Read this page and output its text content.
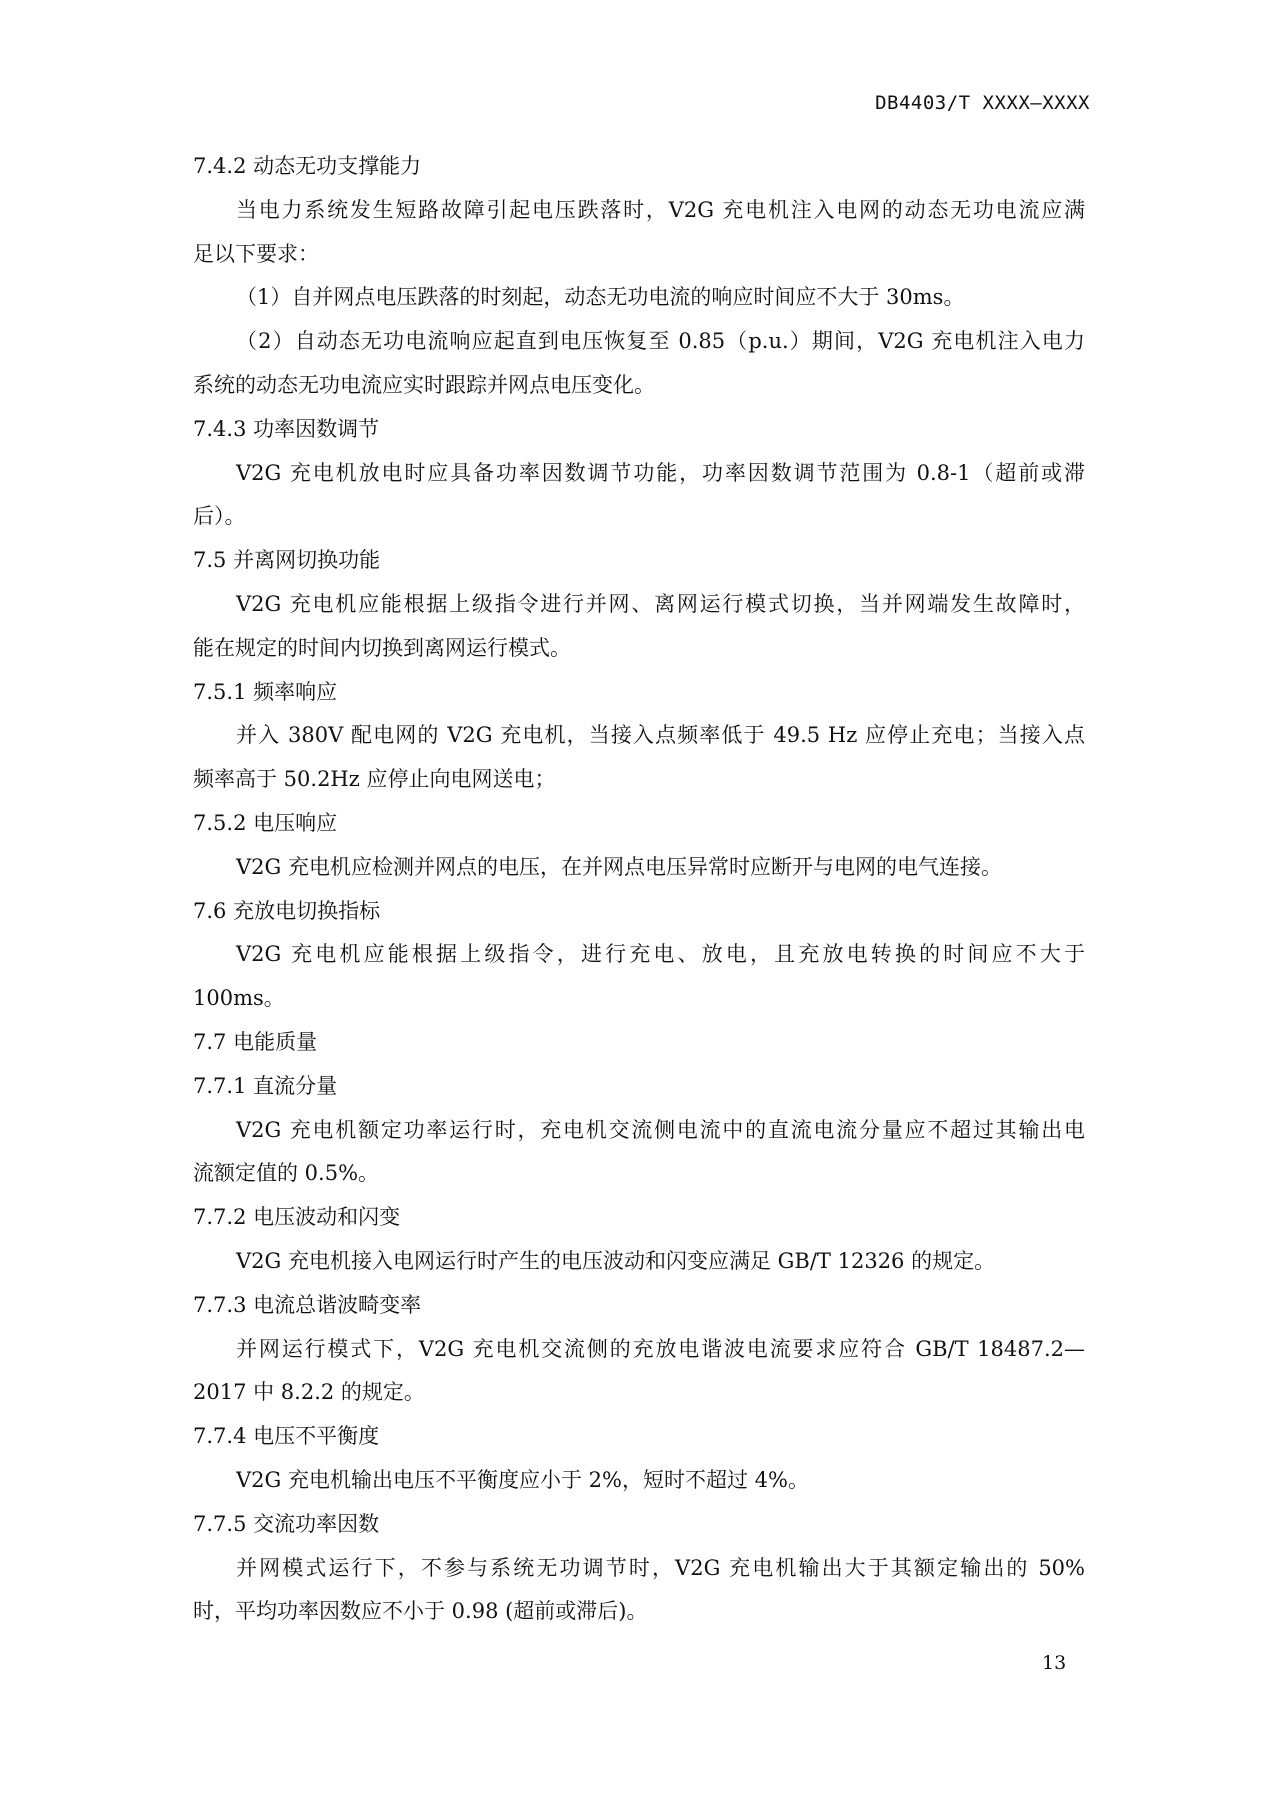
DB4403/T XXXX—XXXX
7.4.2 动态无功支撑能力
当电力系统发生短路故障引起电压跌落时，V2G 充电机注入电网的动态无功电流应满
足以下要求：
（1）自并网点电压跌落的时刻起，动态无功电流的响应时间应不大于 30ms。
（2）自动态无功电流响应起直到电压恢复至 0.85（p.u.）期间，V2G 充电机注入电力
系统的动态无功电流应实时跟踪并网点电压变化。
7.4.3 功率因数调节
V2G 充电机放电时应具备功率因数调节功能，功率因数调节范围为 0.8-1（超前或滞
后）。
7.5 并离网切换功能
V2G 充电机应能根据上级指令进行并网、离网运行模式切换，当并网端发生故障时，
能在规定的时间内切换到离网运行模式。
7.5.1 频率响应
并入 380V 配电网的 V2G 充电机，当接入点频率低于 49.5 Hz 应停止充电；当接入点
频率高于 50.2Hz 应停止向电网送电；
7.5.2 电压响应
V2G 充电机应检测并网点的电压，在并网点电压异常时应断开与电网的电气连接。
7.6 充放电切换指标
V2G 充电机应能根据上级指令，进行充电、放电，且充放电转换的时间应不大于
100ms。
7.7 电能质量
7.7.1 直流分量
V2G 充电机额定功率运行时，充电机交流侧电流中的直流电流分量应不超过其输出电
流额定值的 0.5%。
7.7.2 电压波动和闪变
V2G 充电机接入电网运行时产生的电压波动和闪变应满足 GB/T 12326 的规定。
7.7.3 电流总谐波畸变率
并网运行模式下，V2G 充电机交流侧的充放电谐波电流要求应符合 GB/T 18487.2—
2017 中 8.2.2 的规定。
7.7.4 电压不平衡度
V2G 充电机输出电压不平衡度应小于 2%，短时不超过 4%。
7.7.5 交流功率因数
并网模式运行下，不参与系统无功调节时，V2G 充电机输出大于其额定输出的 50%
时，平均功率因数应不小于 0.98 (超前或滞后)。
13
